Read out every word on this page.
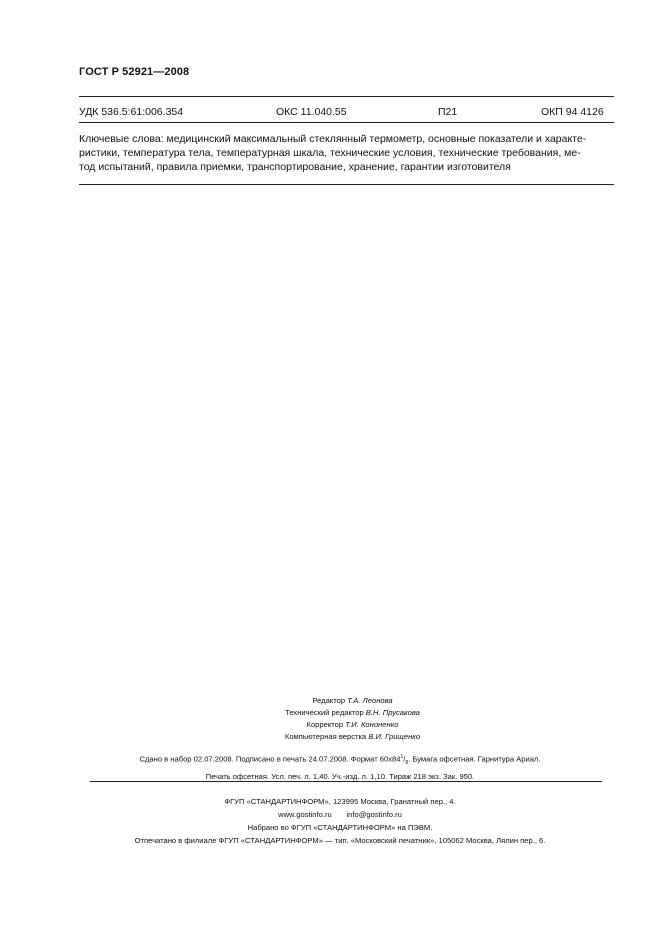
ГОСТ Р 52921—2008
УДК 536.5:61:006.354	ОКС 11.040.55	П21	ОКП 94 4126
Ключевые слова: медицинский максимальный стеклянный термометр, основные показатели и характе-
ристики, температура тела, температурная шкала, технические условия, технические требования, ме-
тод испытаний, правила приемки, транспортирование, хранение, гарантии изготовителя
Редактор Т.А. Леонова
Технический редактор В.Н. Прусакова
Корректор Т.И. Кононенко
Компьютерная верстка В.И. Грищенко
Сдано в набор 02.07.2008. Подписано в печать 24.07.2008. Формат $60х84^1/_8$. Бумага офсетная. Гарнитура Ариал.
Печать офсетная. Усл. печ. л. 1,40. Уч.-изд. л. 1,10. Тираж 218 экз. Зак. 950.
ФГУП «СТАНДАРТИНФОРМ», 123995 Москва, Гранатный пер., 4.
www.gostinfo.ru info@gostinfo.ru
Набрано во ФГУП «СТАНДАРТИНФОРМ» на ПЭВМ.
Отпечатано в филиале ФГУП «СТАНДАРТИНФОРМ» — тип. «Московский печатник», 105062 Москва, Лялин пер., 6.
